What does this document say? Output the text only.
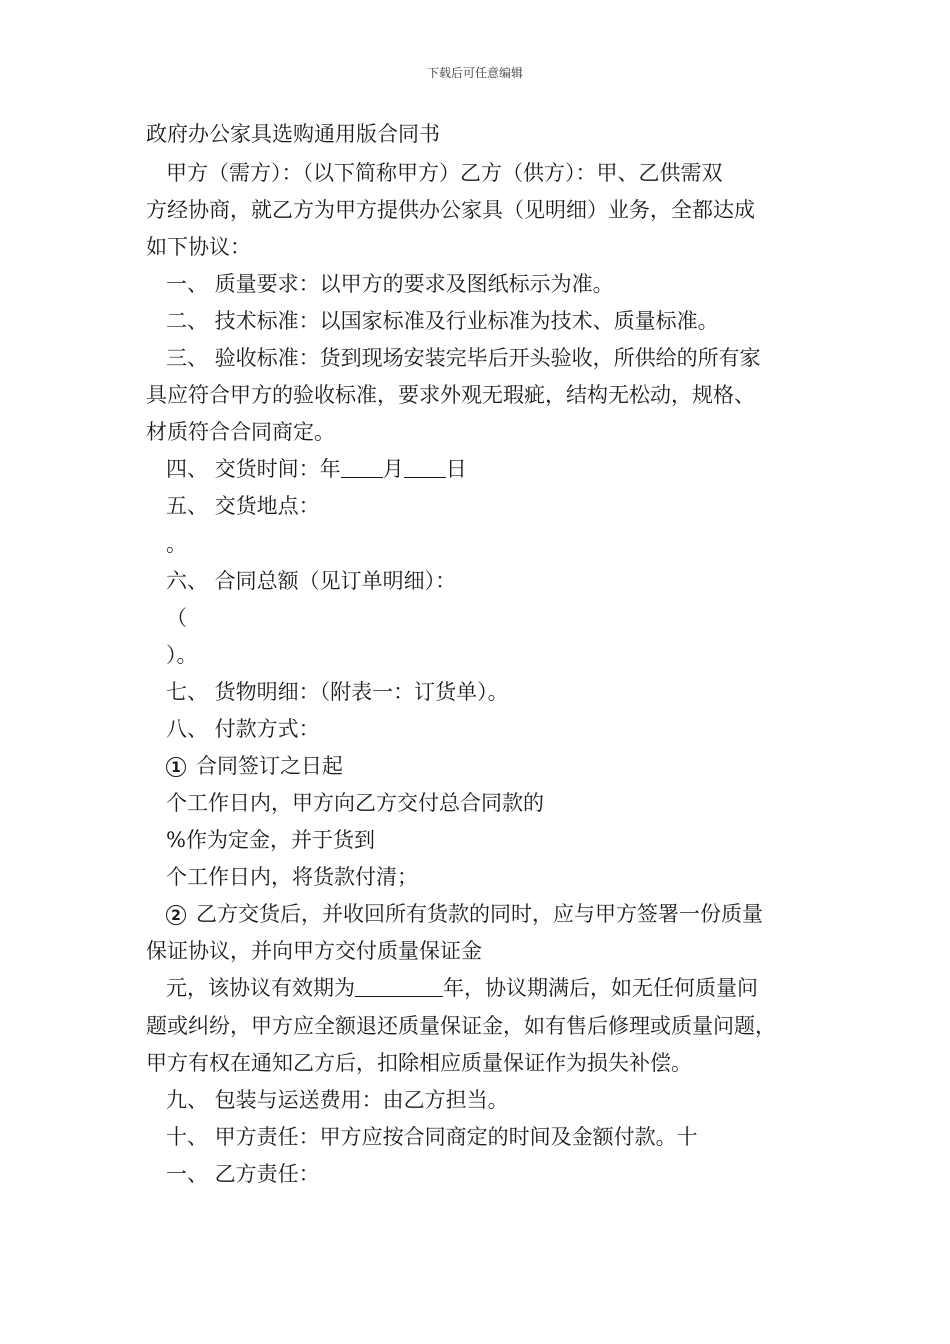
下载后可任意编辑
政府办公家具选购通用版合同书
甲方（需方）：（以下简称甲方）乙方（供方）：甲、乙供需双
方经协商，就乙方为甲方提供办公家具（见明细）业务，全都达成
如下协议：
一、 质量要求：以甲方的要求及图纸标示为准。
二、 技术标准：以国家标准及行业标准为技术、质量标准。
三、 验收标准：货到现场安装完毕后开头验收，所供给的所有家
具应符合甲方的验收标准，要求外观无瑕疵，结构无松动，规格、
材质符合合同商定。
四、 交货时间：年 月 日
五、 交货地点：
。
六、 合同总额（见订单明细）：
（
）。
七、 货物明细：（附表一：订货单）。
八、 付款方式：
1 合同签订之日起
个工作日内，甲方向乙方交付总合同款的
%作为定金，并于货到
个工作日内，将货款付清；
2 乙方交货后，并收回所有货款的同时，应与甲方签署一份质量
保证协议，并向甲方交付质量保证金
元，该协议有效期为	年，协议期满后，如无任何质量问
题或纠纷，甲方应全额退还质量保证金，如有售后修理或质量问题，
甲方有权在通知乙方后，扣除相应质量保证作为损失补偿。
九、 包装与运送费用：由乙方担当。
十、 甲方责任：甲方应按合同商定的时间及金额付款。十
一、 乙方责任：
